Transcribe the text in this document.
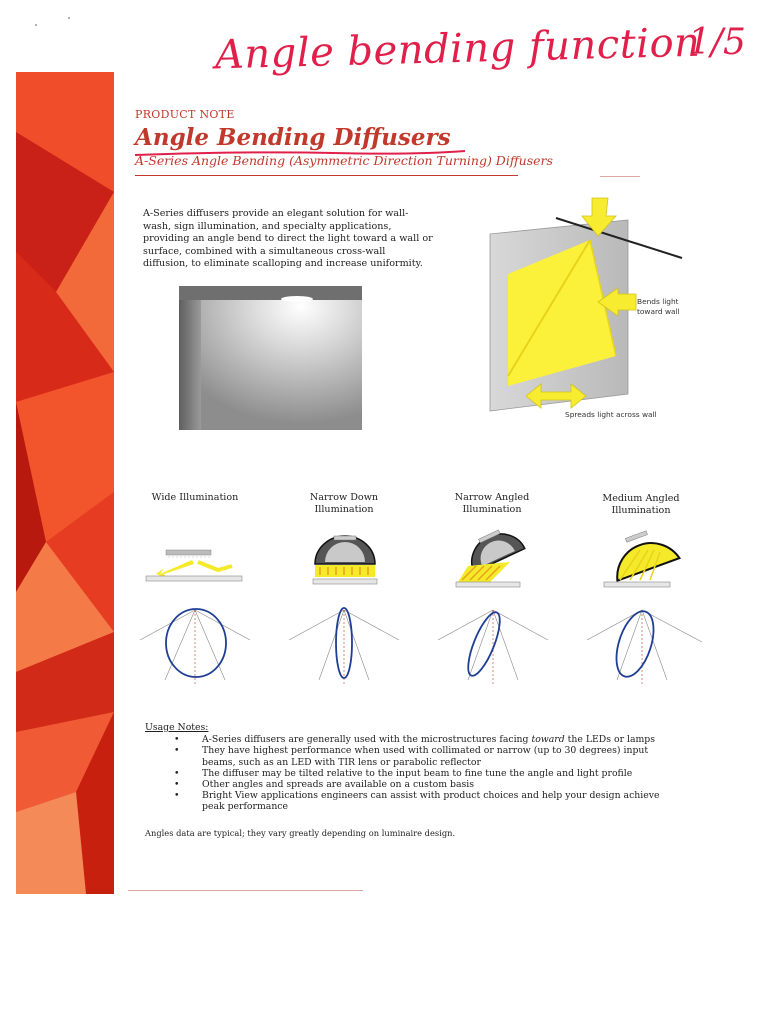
Angle bending function
1/5
PRODUCT NOTE
Angle Bending Diffusers
A-Series Angle Bending (Asymmetric Direction Turning) Diffusers

A-Series diffusers provide an elegant solution for wall-wash, sign illumination, and specialty applications, providing an angle bend to direct the light toward a wall or surface, combined with a simultaneous cross-wall diffusion, to eliminate scalloping and increase uniformity.

Bends light toward wall
Spreads light across wall
Wide Illumination	Narrow Down Illumination
Narrow Angled Illumination
Medium Angled Illumination
Usage Notes:
• A-Series diffusers are generally used with the microstructures facing toward the LEDs or lamps
• They have highest performance when used with collimated or narrow (up to 30 degrees) input beams, such as an LED with TIR lens or parabolic reflector
• The diffuser may be tilted relative to the input beam to fine tune the angle and light profile
• Other angles and spreads are available on a custom basis
• Bright View applications engineers can assist with product choices and help your design achieve peak performance
Angles data are typical; they vary greatly depending on luminaire design.
